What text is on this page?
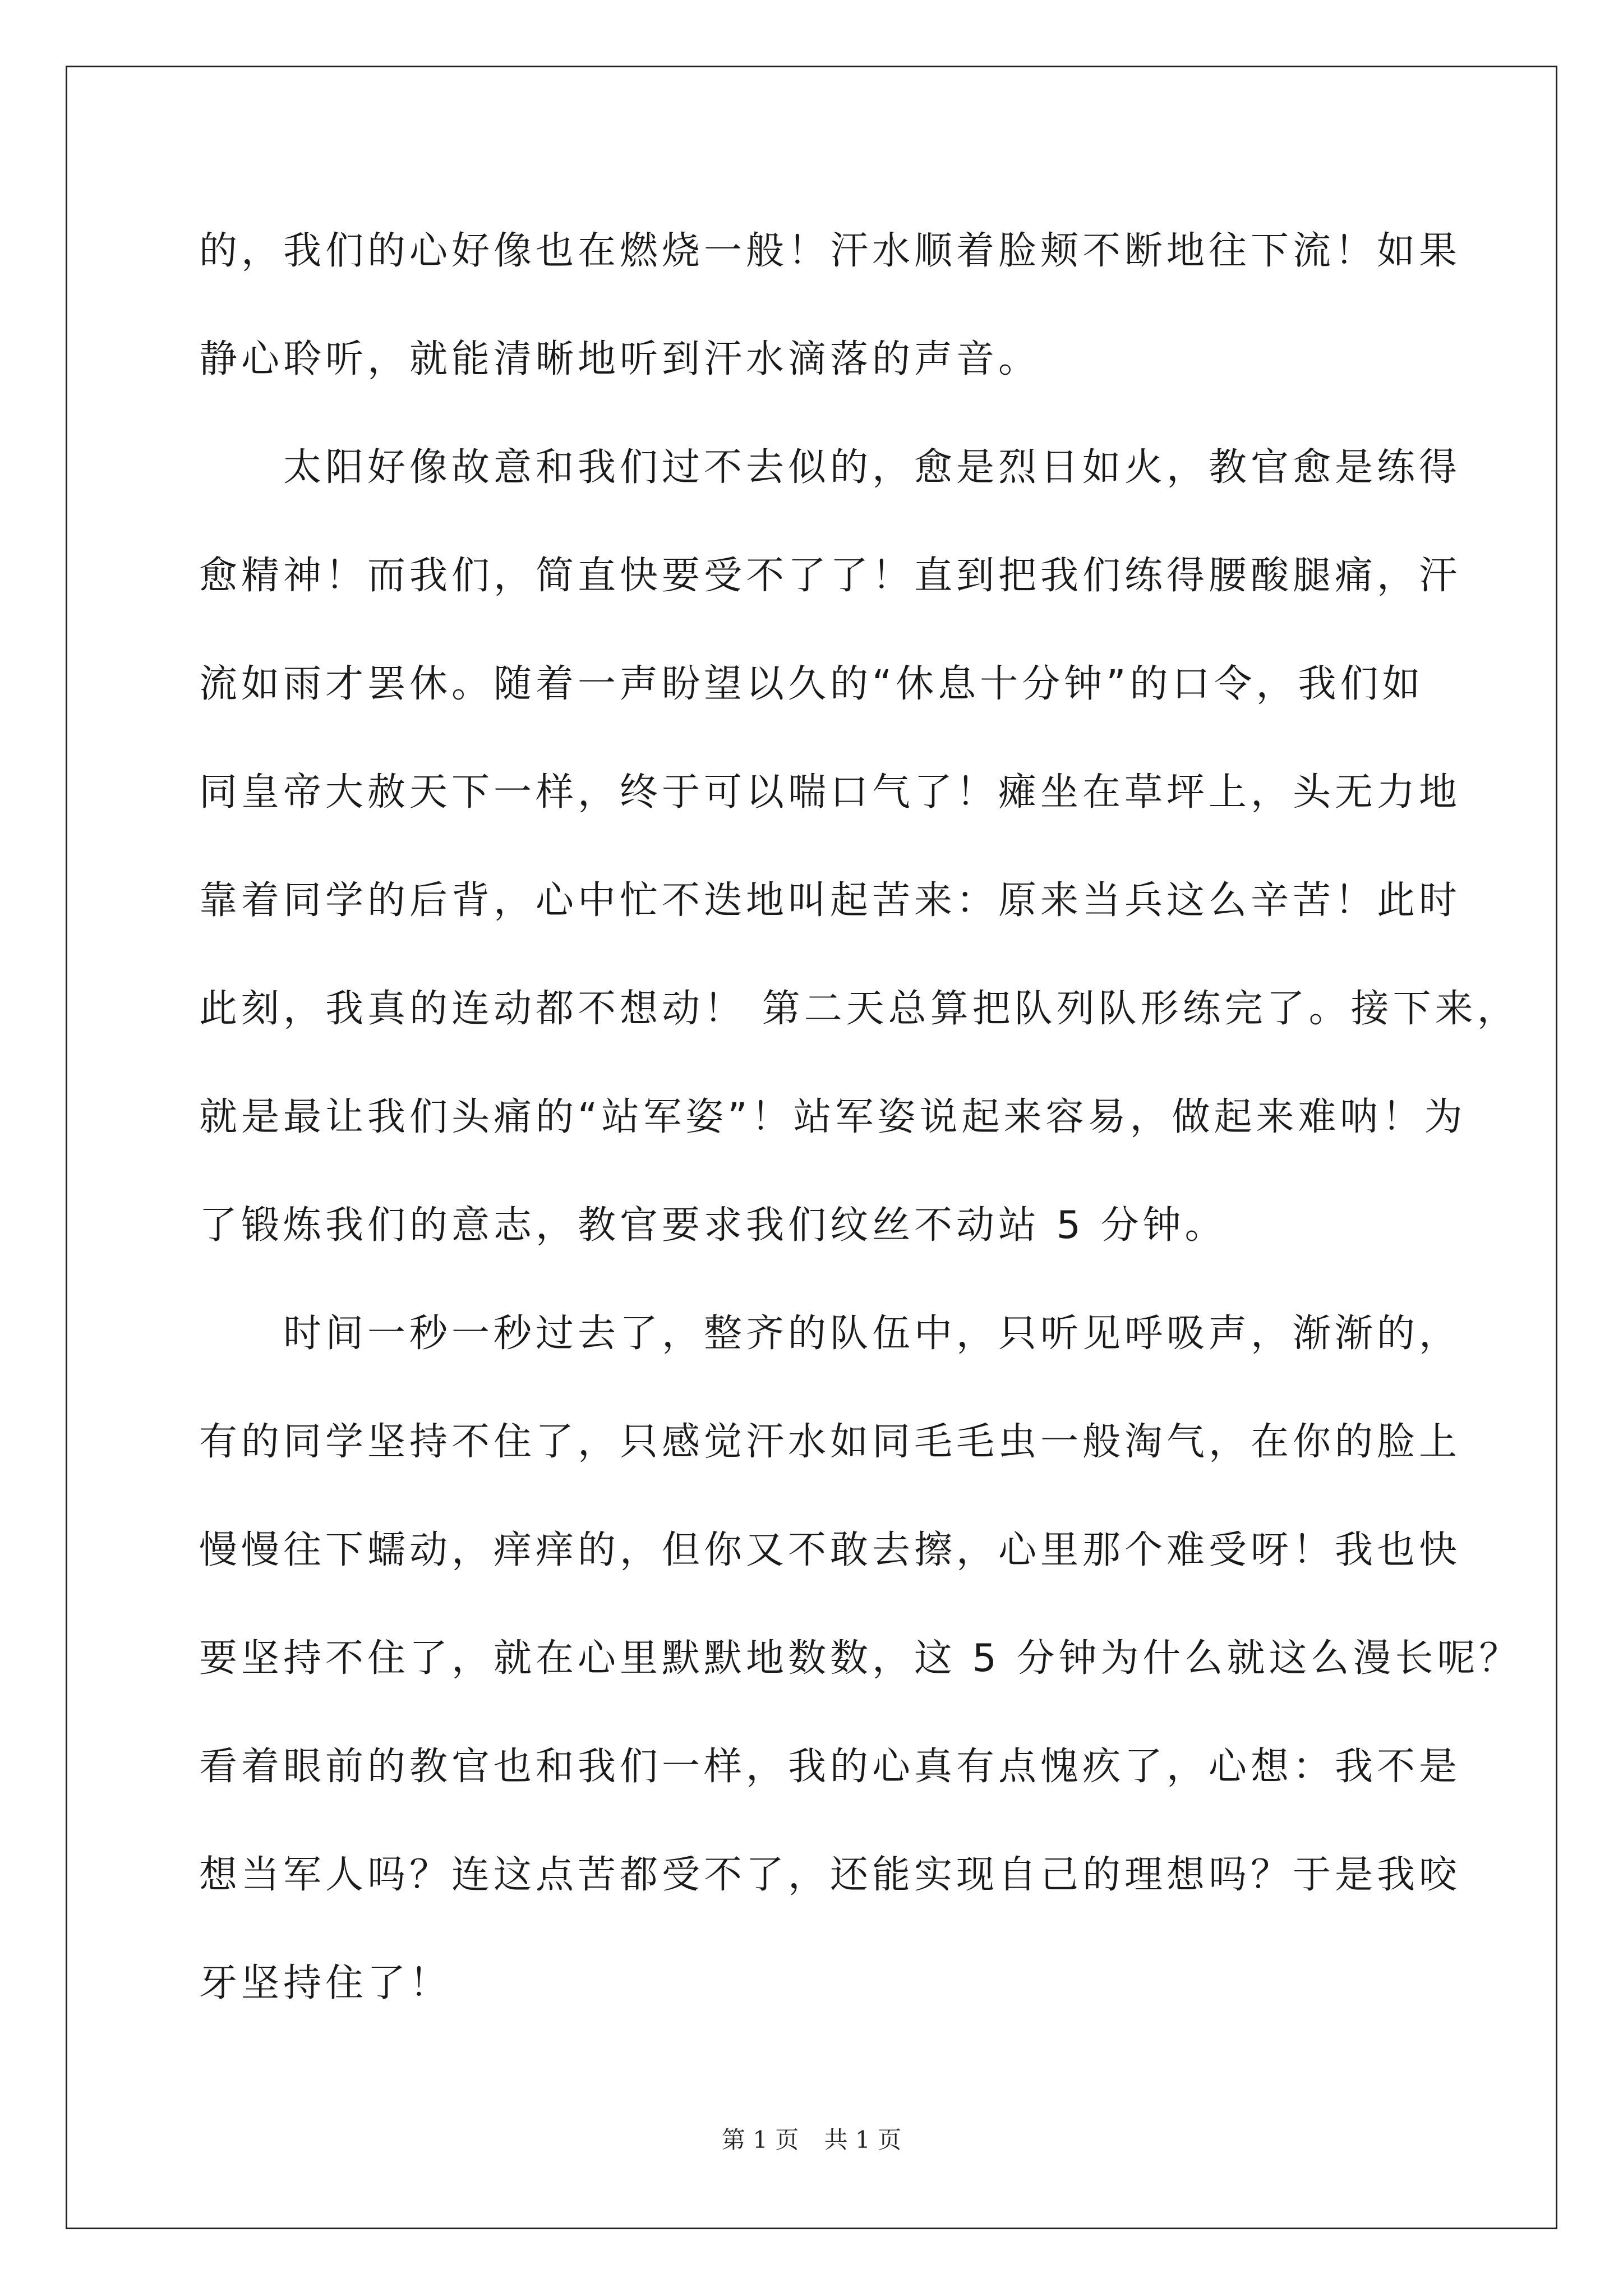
的，我们的心好像也在燃烧一般！汗水顺着脸颊不断地往下流！如果
静心聆听，就能清晰地听到汗水滴落的声音。
太阳好像故意和我们过不去似的，愈是烈日如火，教官愈是练得
愈精神！而我们，简直快要受不了了！直到把我们练得腰酸腿痛，汗
流如雨才罢休。随着一声盼望以久的“休息十分钟”的口令，我们如
同皇帝大赦天下一样，终于可以喘口气了！瘫坐在草坪上，头无力地
靠着同学的后背，心中忙不迭地叫起苦来：原来当兵这么辛苦！此时
此刻，我真的连动都不想动！ 第二天总算把队列队形练完了。接下来，
就是最让我们头痛的“站军姿”！站军姿说起来容易，做起来难呐！为
了锻炼我们的意志，教官要求我们纹丝不动站 5 分钟。
时间一秒一秒过去了，整齐的队伍中，只听见呼吸声，渐渐的，
有的同学坚持不住了，只感觉汗水如同毛毛虫一般淘气，在你的脸上
慢慢往下蠕动，痒痒的，但你又不敢去擦，心里那个难受呀！我也快
要坚持不住了，就在心里默默地数数，这 5 分钟为什么就这么漫长呢？
看着眼前的教官也和我们一样，我的心真有点愧疚了，心想：我不是
想当军人吗？连这点苦都受不了，还能实现自己的理想吗？于是我咬
牙坚持住了！
第 1 页 共 1 页
